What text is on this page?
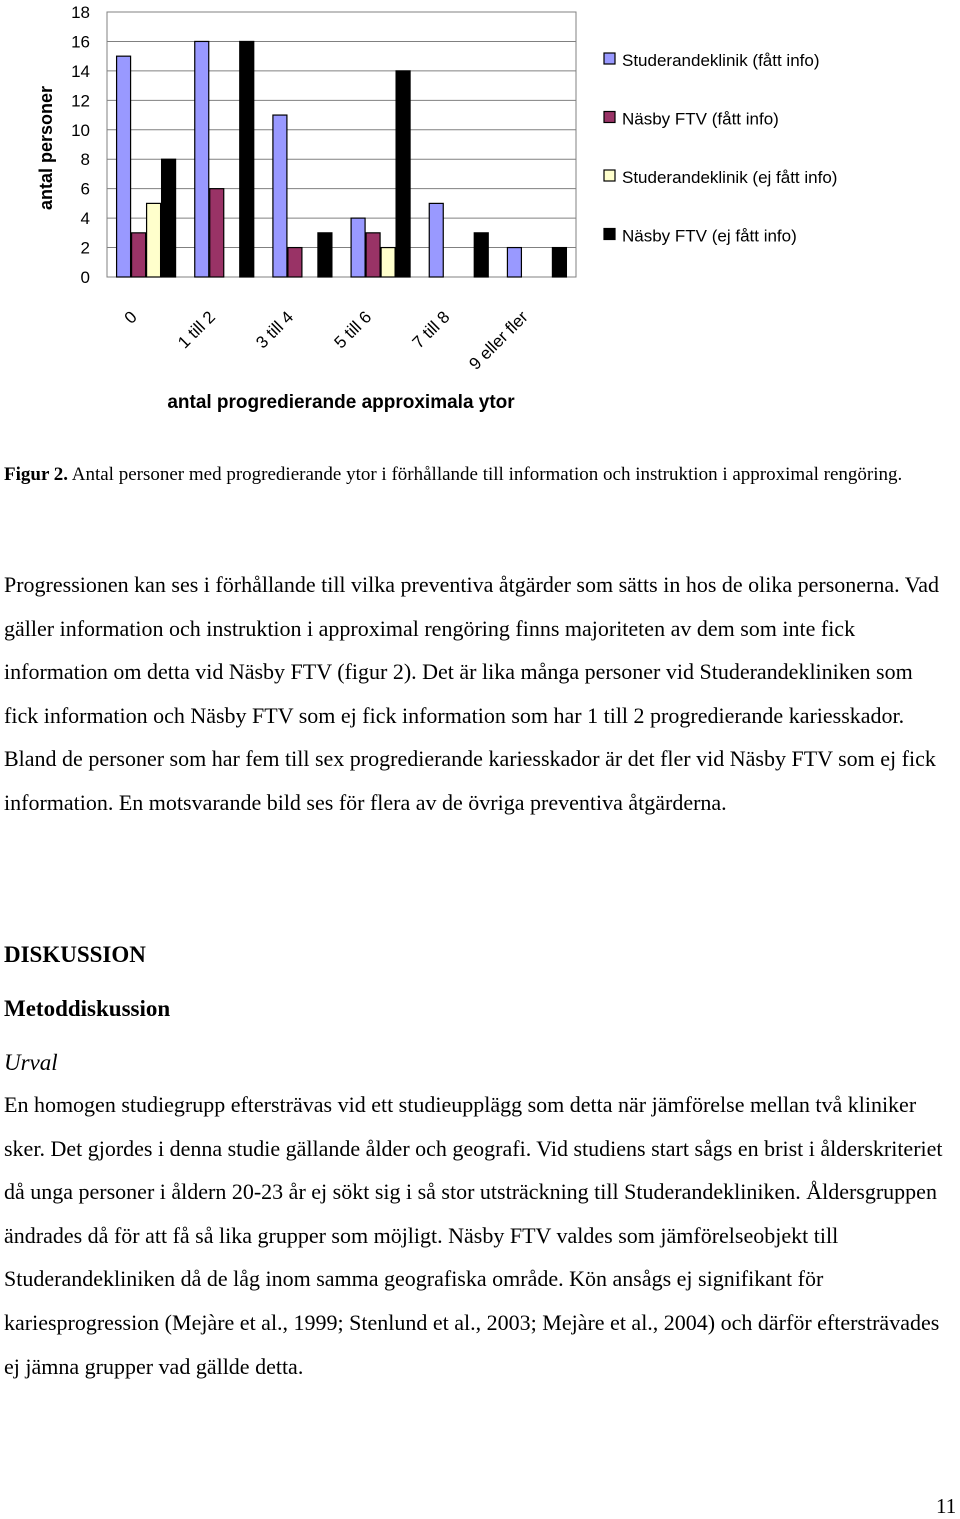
0
2
4
6
8
10
12
14
16
18
0 1 till 2 3 till 4 5 till 6 7 till 8 9 eller fler
Studerandeklinik (fått info)
Näsby FTV (fått info)
Studerandeklinik (ej fått info)
Näsby FTV (ej fått info)
antal personer
antal progredierande approximala ytor

Figur 2. Antal personer med progredierande ytor i förhållande till information och instruktion i approximal rengöring.

Progressionen kan ses i förhållande till vilka preventiva åtgärder som sätts in hos de olika personerna. Vad gäller information och instruktion i approximal rengöring finns majoriteten av dem som inte fick information om detta vid Näsby FTV (figur 2). Det är lika många personer vid Studerandekliniken som fick information och Näsby FTV som ej fick information som har 1 till 2 progredierande kariesskador. Bland de personer som har fem till sex progredierande kariesskador är det fler vid Näsby FTV som ej fick information. En motsvarande bild ses för flera av de övriga preventiva åtgärderna.

DISKUSSION
Metoddiskussion
Urval

En homogen studiegrupp eftersträvas vid ett studieupplägg som detta när jämförelse mellan två kliniker sker. Det gjordes i denna studie gällande ålder och geografi. Vid studiens start sågs en brist i ålderskriteriet då unga personer i åldern 20-23 år ej sökt sig i så stor utsträckning till Studerandekliniken. Åldersgruppen ändrades då för att få så lika grupper som möjligt. Näsby FTV valdes som jämförelseobjekt till Studerandekliniken då de låg inom samma geografiska område. Kön ansågs ej signifikant för kariesprogression (Mejàre et al., 1999; Stenlund et al., 2003; Mejàre et al., 2004) och därför eftersträvades ej jämna grupper vad gällde detta.

11
